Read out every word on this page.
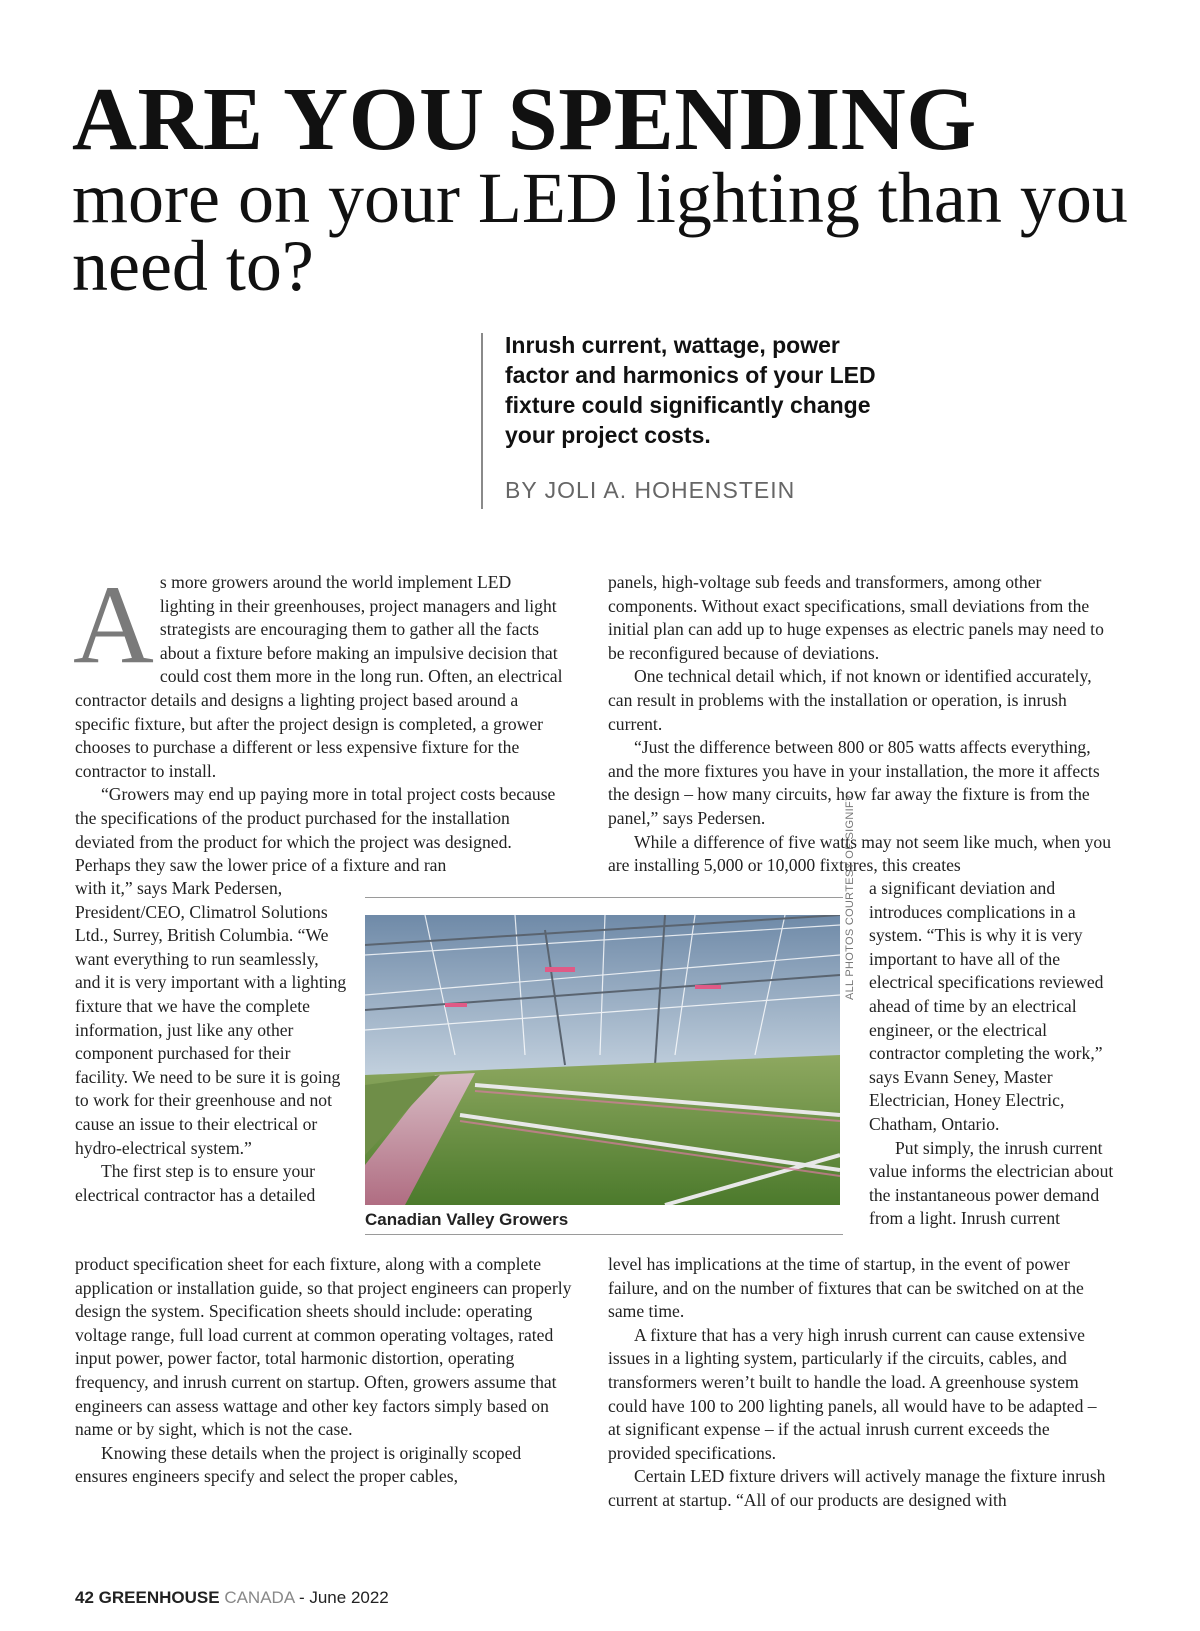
ARE YOU SPENDING
more on your LED lighting than you need to?

Inrush current, wattage, power factor and harmonics of your LED fixture could significantly change your project costs.

BY JOLI A. HOHENSTEIN
A s more growers around the world implement LED lighting in their greenhouses, project managers and light strategists are encouraging them to gather all the facts about a fixture before making an impulsive decision that could cost them more in the long run. Often, an electrical contractor details and designs a lighting project based around a specific fixture, but after the project design is completed, a grower chooses to purchase a different or less expensive fixture for the contractor to install.

“Growers may end up paying more in total project costs because the specifications of the product purchased for the installation deviated from the product for which the project was designed. Perhaps they saw the lower price of a fixture and ran

with it,” says Mark Pedersen, President/CEO, Climatrol Solutions Ltd., Surrey, British Columbia. “We want everything to run seamlessly, and it is very important with a lighting fixture that we have the complete information, just like any other component purchased for their facility. We need to be sure it is going to work for their greenhouse and not cause an issue to their electrical or hydro-electrical system.”

The first step is to ensure your electrical contractor has a detailed

product specification sheet for each fixture, along with a complete application or installation guide, so that project engineers can properly design the system. Specification sheets should include: operating voltage range, full load current at common operating voltages, rated input power, power factor, total harmonic distortion, operating frequency, and inrush current on startup. Often, growers assume that engineers can assess wattage and other key factors simply based on name or by sight, which is not the case.

Knowing these details when the project is originally scoped ensures engineers specify and select the proper cables,

panels, high-voltage sub feeds and transformers, among other components. Without exact specifications, small deviations from the initial plan can add up to huge expenses as electric panels may need to be reconfigured because of deviations.

One technical detail which, if not known or identified accurately, can result in problems with the installation or operation, is inrush current.

“Just the difference between 800 or 805 watts affects everything, and the more fixtures you have in your installation, the more it affects the design – how many circuits, how far away the fixture is from the panel,” says Pedersen.

While a difference of five watts may not seem like much, when you are installing 5,000 or 10,000 fixtures, this creates

a significant deviation and introduces complications in a system. “This is why it is very important to have all of the electrical specifications reviewed ahead of time by an electrical engineer, or the electrical contractor completing the work,” says Evann Seney, Master Electrician, Honey Electric, Chatham, Ontario.

Put simply, the inrush current value informs the electrician about the instantaneous power demand from a light. Inrush current

level has implications at the time of startup, in the event of power failure, and on the number of fixtures that can be switched on at the same time.

A fixture that has a very high inrush current can cause extensive issues in a lighting system, particularly if the circuits, cables, and transformers weren’t built to handle the load. A greenhouse system could have 100 to 200 lighting panels, all would have to be adapted – at significant expense – if the actual inrush current exceeds the provided specifications.

Certain LED fixture drivers will actively manage the fixture inrush current at startup. “All of our products are designed with

ALL PHOTOS COURTESY OF SIGNIFY
Canadian Valley Growers
42 GREENHOUSE CANADA - June 2022
